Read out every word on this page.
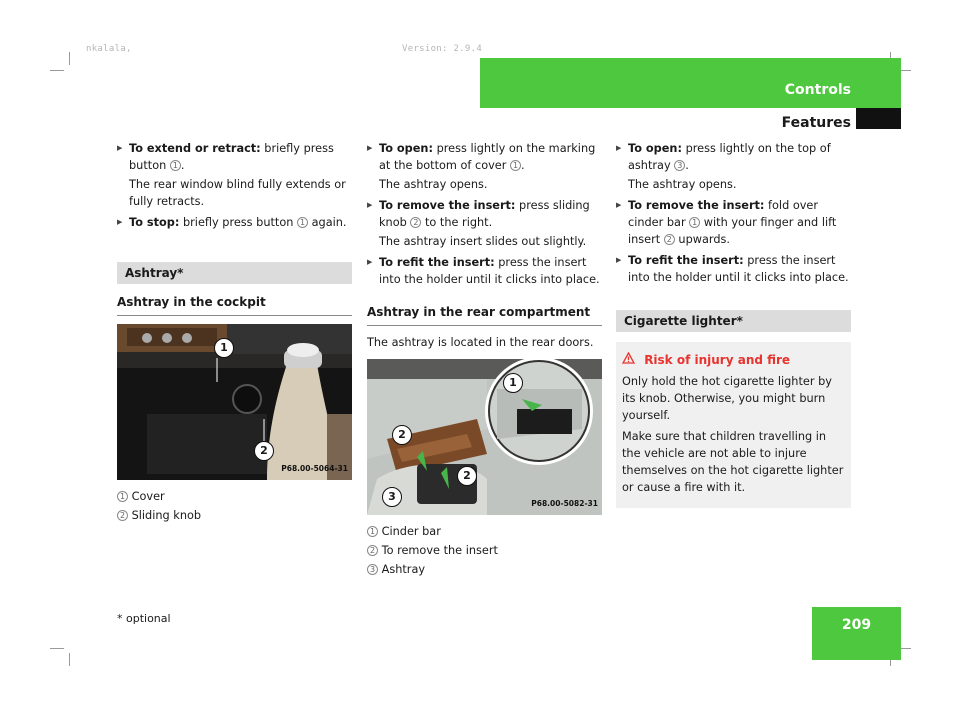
nkalala,	Version: 2.9.4
Controls
Features

▶ To extend or retract: briefly press button 1 .

The rear window blind fully extends or fully retracts.

▶ To stop: briefly press button 1 again.

Ashtray*
Ashtray in the cockpit
1
2
P68.00-5064-31
1 Cover
2 Sliding knob

▶ To open: press lightly on the marking at the bottom of cover 1 .

The ashtray opens.

▶ To remove the insert: press sliding knob 2 to the right.

The ashtray insert slides out slightly.

▶ To refit the insert: press the insert into the holder until it clicks into place.

Ashtray in the rear compartment

The ashtray is located in the rear doors.

1
2
2
3
P68.00-5082-31
1 Cinder bar
2 To remove the insert
3 Ashtray

▶ To open: press lightly on the top of ashtray 3 .

The ashtray opens.

▶ To remove the insert: fold over cinder bar 1 with your finger and lift insert 2 upwards.

▶ To refit the insert: press the insert into the holder until it clicks into place.

Cigarette lighter*
Risk of injury and fire

Only hold the hot cigarette lighter by its knob. Otherwise, you might burn yourself.

Make sure that children travelling in the vehicle are not able to injure themselves on the hot cigarette lighter or cause a fire with it.

* optional	209
